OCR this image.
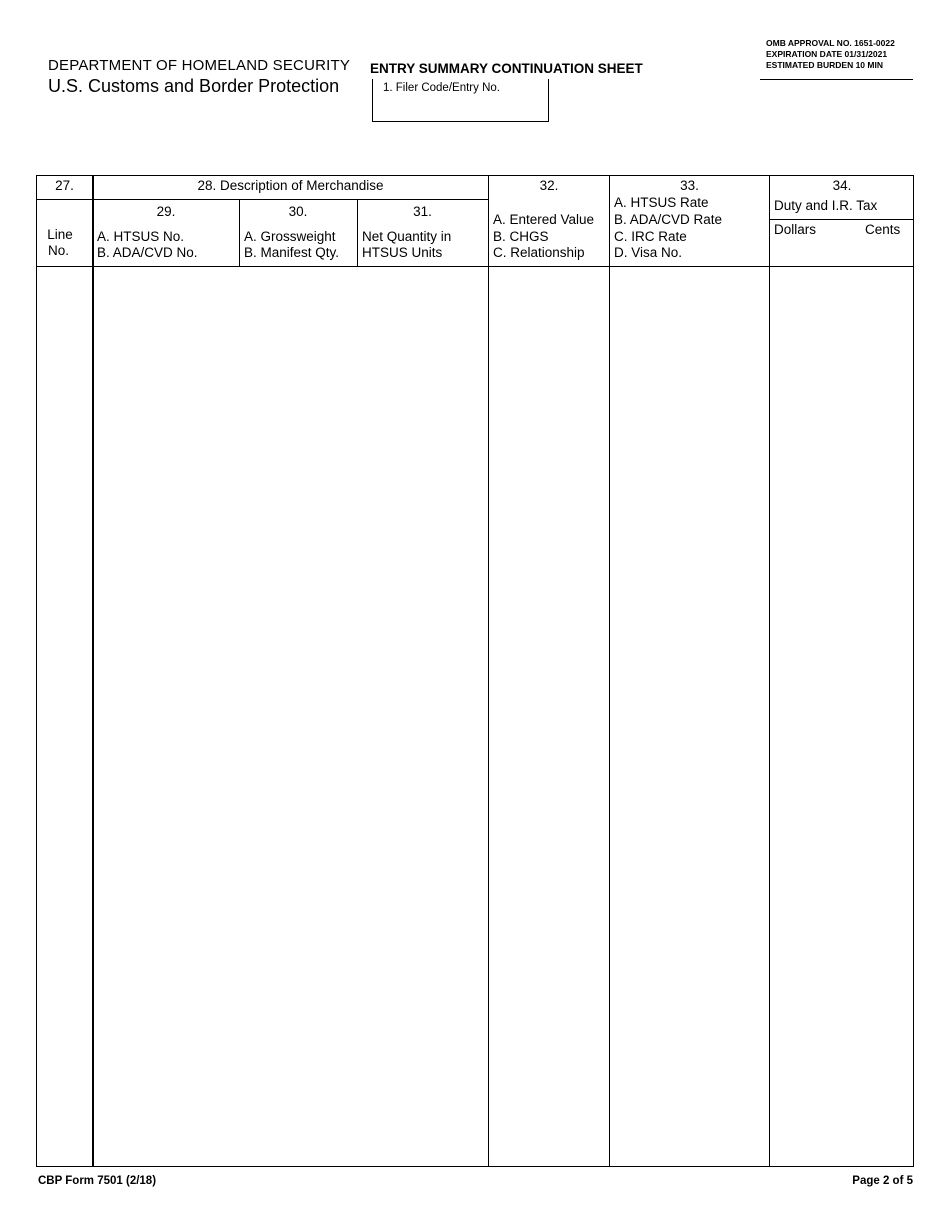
DEPARTMENT OF HOMELAND SECURITY
U.S. Customs and Border Protection
ENTRY SUMMARY CONTINUATION SHEET
OMB APPROVAL NO. 1651-0022
EXPIRATION DATE 01/31/2021
ESTIMATED BURDEN 10 MIN
1. Filer Code/Entry No.
27.
Line
No.
28. Description of Merchandise
29.
A. HTSUS No.
B. ADA/CVD No.
30.
A. Grossweight
B. Manifest Qty.
31.
Net Quantity in
HTSUS Units
32.
A. Entered Value
B. CHGS
C. Relationship
33.
A. HTSUS Rate
B. ADA/CVD Rate
C. IRC Rate
D. Visa No.
34.
Duty and I.R. Tax
Dollars	Cents
CBP Form 7501 (2/18)	Page 2 of 5
